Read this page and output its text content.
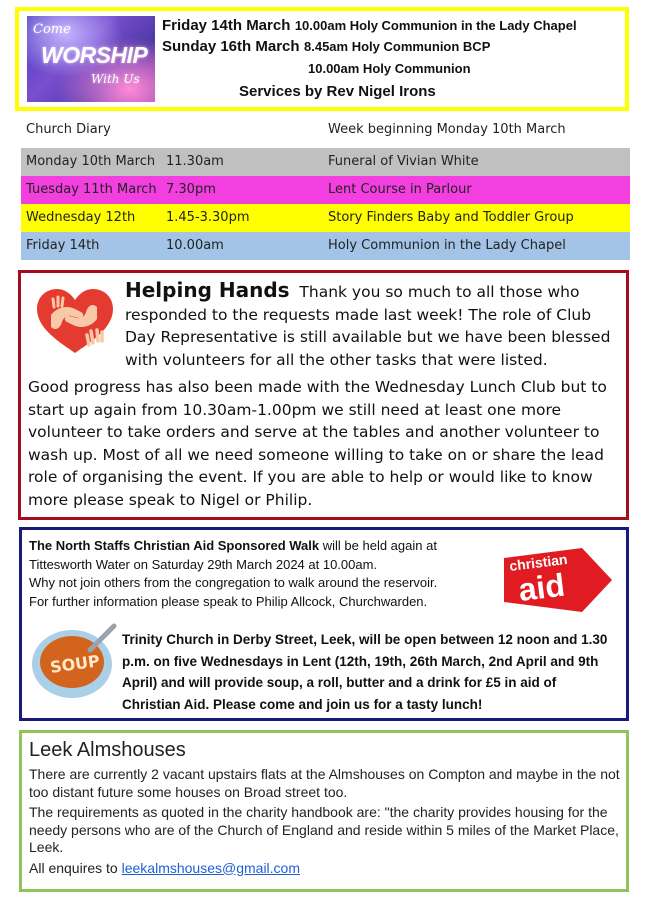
Come
WORSHIP
With Us
Friday 14th March 10.00am Holy Communion in the Lady Chapel
Sunday 16th March 8.45am Holy Communion BCP
10.00am Holy Communion
Services by Rev Nigel Irons
Church Diary	Week beginning Monday 10th March
Monday 10th March 11.30am	Funeral of Vivian White
Tuesday 11th March 7.30pm	Lent Course in Parlour
Wednesday 12th 1.45-3.30pm	Story Finders Baby and Toddler Group
Friday 14th	10.00am	Holy Communion in the Lady Chapel
Helping Hands Thank you so much to all those who responded to the requests made last week! The role of Club Day Representative is still available but we have been blessed with volunteers for all the other tasks that were listed.
Good progress has also been made with the Wednesday Lunch Club but to start up again from 10.30am-1.00pm we still need at least one more volunteer to take orders and serve at the tables and another volunteer to wash up. Most of all we need someone willing to take on or share the lead role of organising the event. If you are able to help or would like to know more please speak to Nigel or Philip.
The North Staffs Christian Aid Sponsored Walk will be held again at Tittesworth Water on Saturday 29th March 2024 at 10.00am.
Why not join others from the congregation to walk around the reservoir.
For further information please speak to Philip Allcock, Churchwarden.
christian
aid
SOUP
Trinity Church in Derby Street, Leek, will be open between 12 noon and 1.30 p.m. on five Wednesdays in Lent (12th, 19th, 26th March, 2nd April and 9th April) and will provide soup, a roll, butter and a drink for £5 in aid of Christian Aid. Please come and join us for a tasty lunch!
Leek Almshouses

There are currently 2 vacant upstairs flats at the Almshouses on Compton and maybe in the not too distant future some houses on Broad street too.

The requirements as quoted in the charity handbook are: "the charity provides housing for the needy persons who are of the Church of England and reside within 5 miles of the Market Place, Leek.

All enquires to leekalmshouses@gmail.com
